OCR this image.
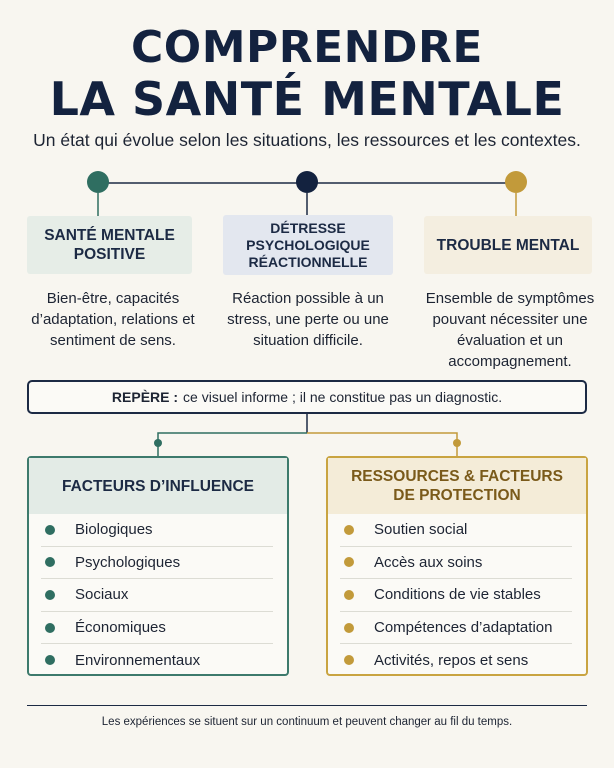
COMPRENDRE
LA SANTÉ MENTALE
Un état qui évolue selon les situations, les ressources et les contextes.
SANTÉ MENTALE
POSITIVE
DÉTRESSE
PSYCHOLOGIQUE
RÉACTIONNELLE
TROUBLE MENTAL
Bien-être, capacités d’adaptation, relations et sentiment de sens.
Réaction possible à un stress, une perte ou une situation difficile.
Ensemble de symptômes pouvant nécessiter une évaluation et un accompagnement.
REPÈRE : ce visuel informe ; il ne constitue pas un diagnostic.
FACTEURS D’INFLUENCE
Biologiques
Psychologiques
Sociaux
Économiques
Environnementaux
RESSOURCES & FACTEURS
DE PROTECTION
Soutien social
Accès aux soins
Conditions de vie stables
Compétences d’adaptation
Activités, repos et sens
Les expériences se situent sur un continuum et peuvent changer au fil du temps.
